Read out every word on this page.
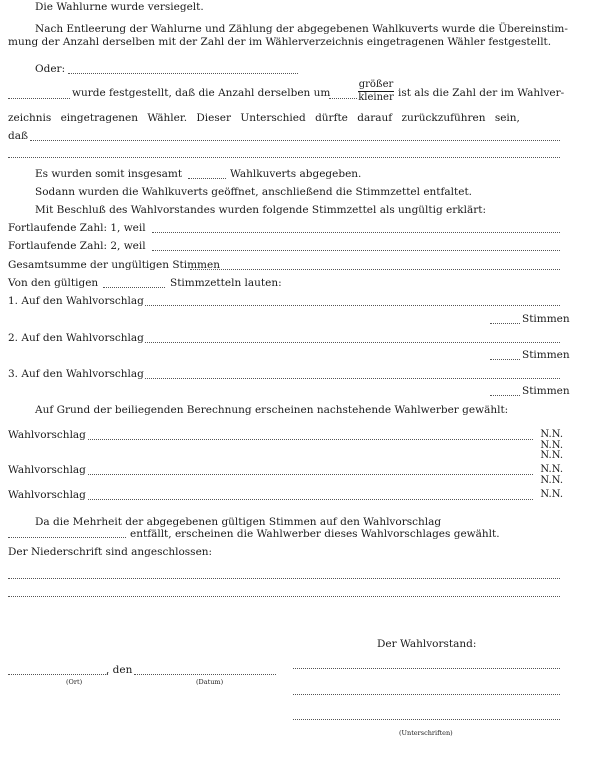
Die Wahlurne wurde versiegelt.
Nach Entleerung der Wahlurne und Zählung der abgegebenen Wahlkuverts wurde die Übereinstim-
mung der Anzahl derselben mit der Zahl der im Wählerverzeichnis eingetragenen Wähler festgestellt.
Oder:
wurde festgestellt, daß die Anzahl derselben um
größer
kleiner ist als die Zahl der im Wahlver-
zeichnis eingetragenen Wähler. Dieser Unterschied dürfte darauf zurückzuführen sein,
daß
Es wurden somit insgesamt	Wahlkuverts abgegeben.
Sodann wurden die Wahlkuverts geöffnet, anschließend die Stimmzettel entfaltet.
Mit Beschluß des Wahlvorstandes wurden folgende Stimmzettel als ungültig erklärt:
Fortlaufende Zahl: 1, weil
Fortlaufende Zahl: 2, weil
Gesamtsumme der ungültigen Stimmen
Von den gültigen	Stimmzetteln lauten:
1. Auf den Wahlvorschlag
Stimmen
2. Auf den Wahlvorschlag
Stimmen
3. Auf den Wahlvorschlag
Stimmen
Auf Grund der beiliegenden Berechnung erscheinen nachstehende Wahlwerber gewählt:
Wahlvorschlag	N.N.
N.N.
N.N.
Wahlvorschlag	N.N.
N.N.
Wahlvorschlag	N.N.
Da die Mehrheit der abgegebenen gültigen Stimmen auf den Wahlvorschlag
entfällt, erscheinen die Wahlwerber dieses Wahlvorschlages gewählt.
Der Niederschrift sind angeschlossen:
Der Wahlvorstand:
, den
(Ort)	(Datum)
(Unterschriften)
